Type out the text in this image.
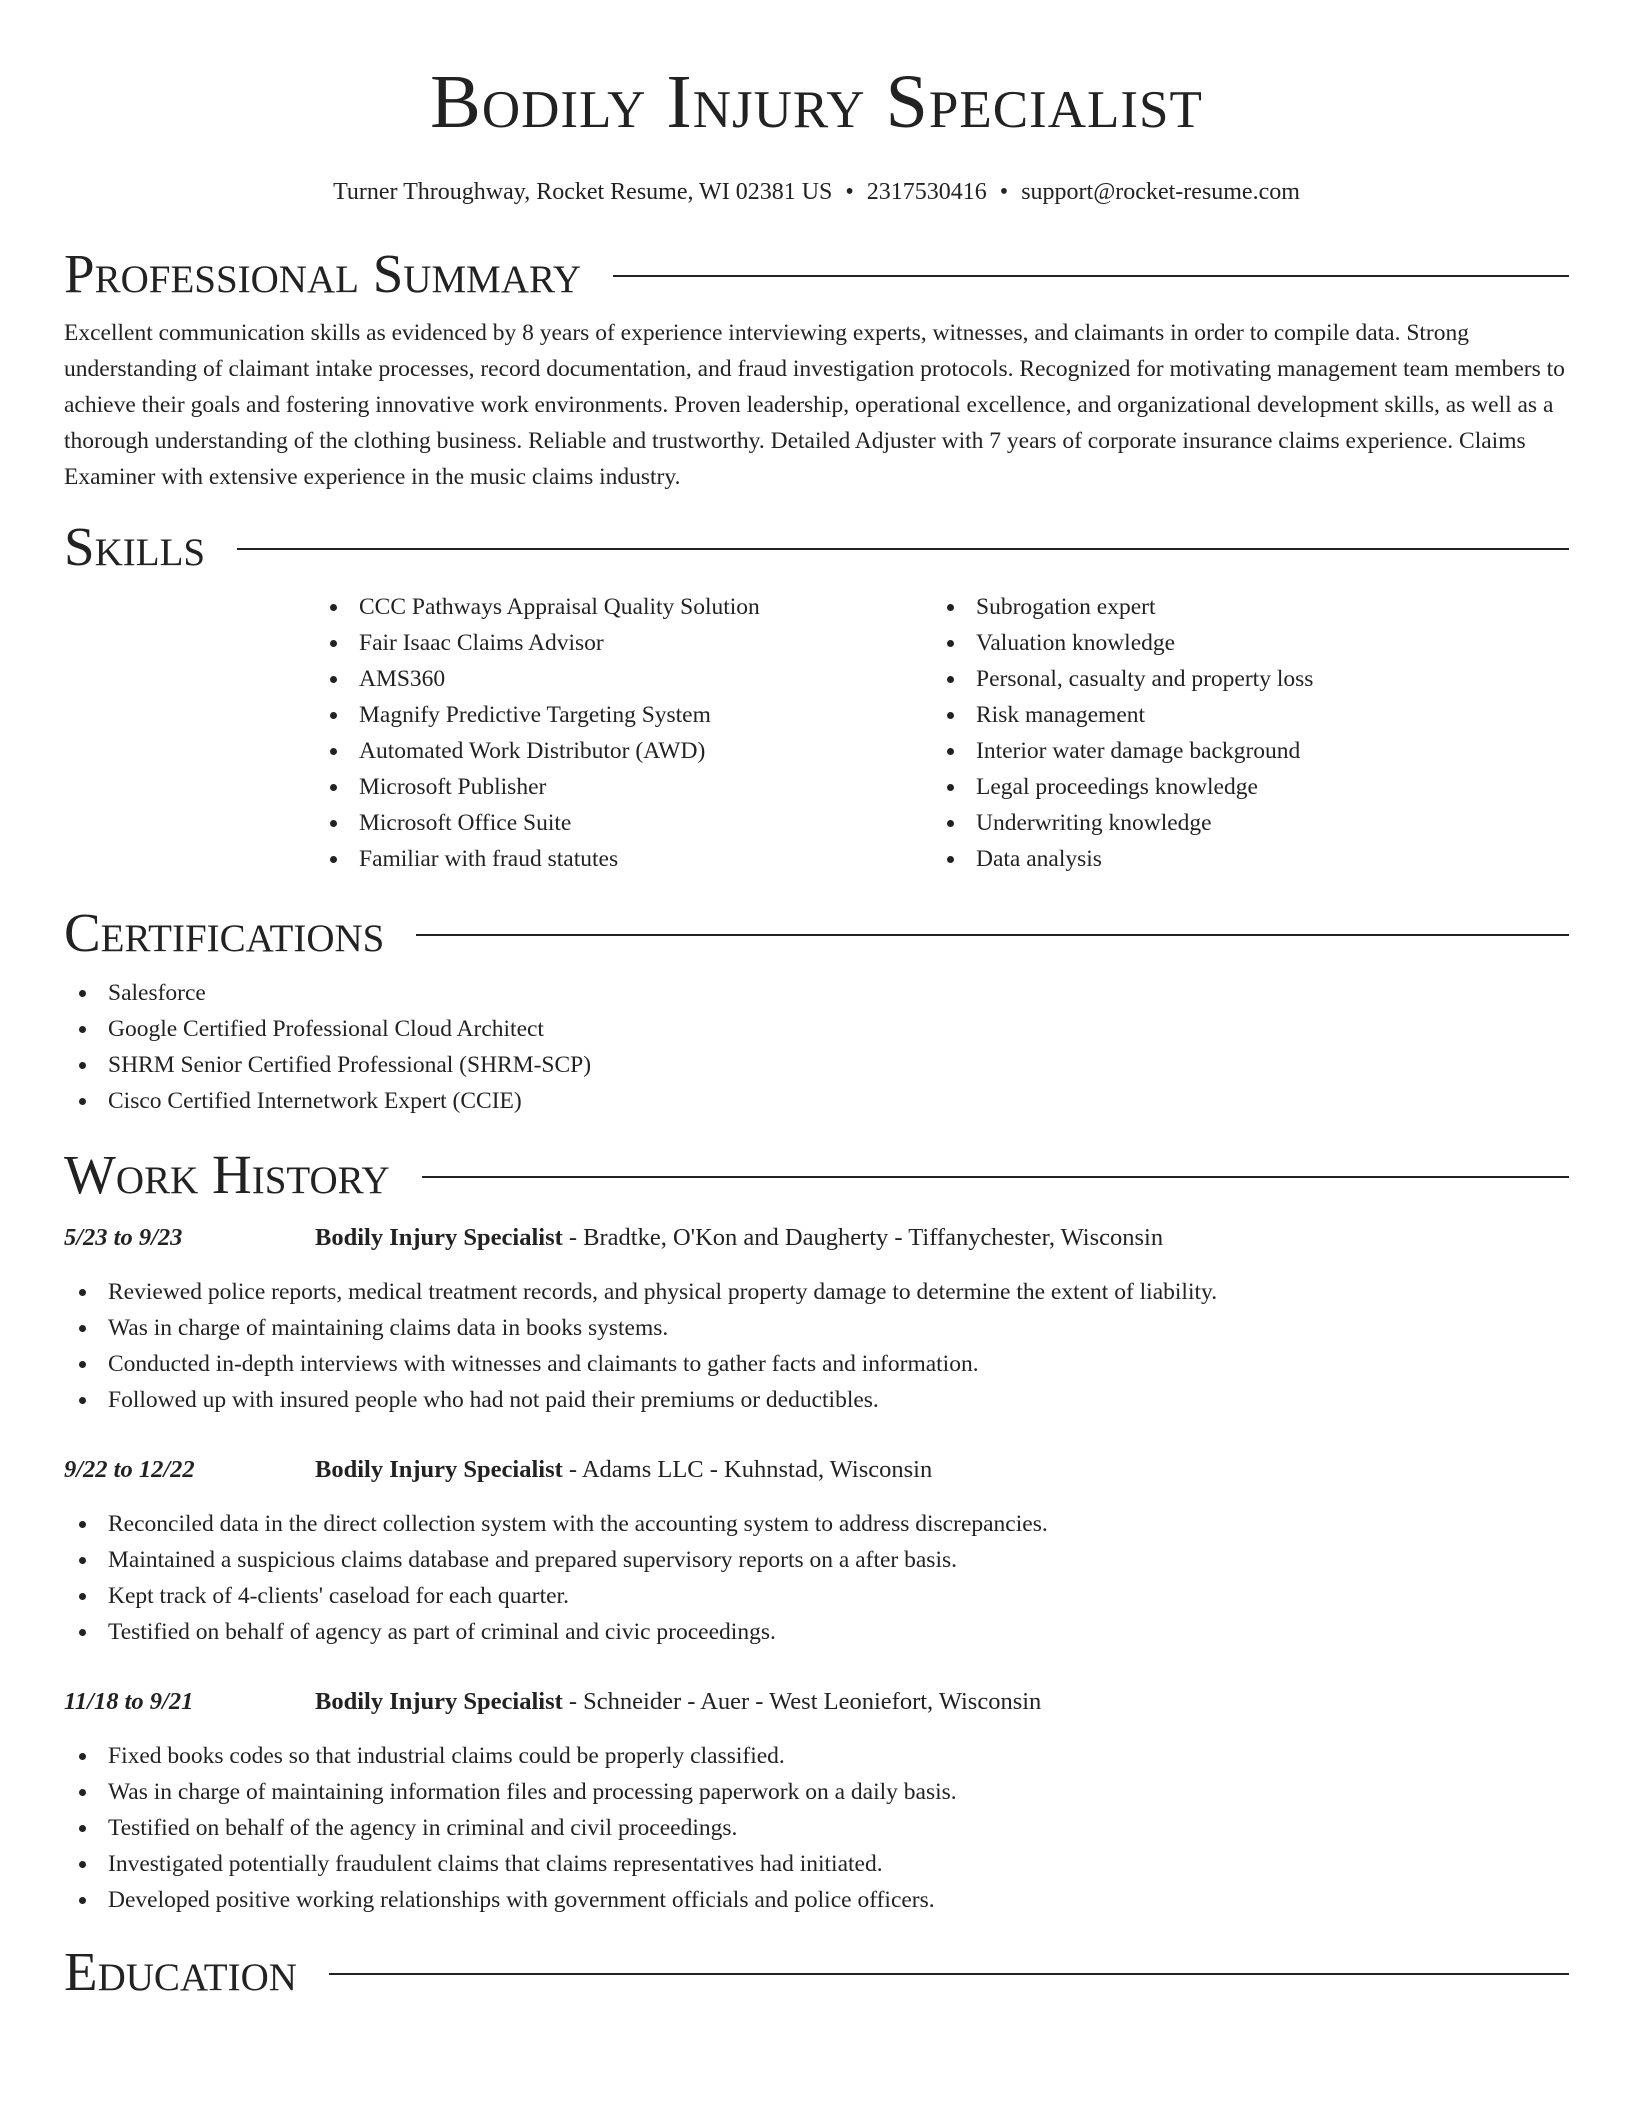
Bodily Injury Specialist
Turner Throughway, Rocket Resume, WI 02381 US • 2317530416 • support@rocket-resume.com
Professional Summary

Excellent communication skills as evidenced by 8 years of experience interviewing experts, witnesses, and claimants in order to compile data. Strong understanding of claimant intake processes, record documentation, and fraud investigation protocols. Recognized for motivating management team members to achieve their goals and fostering innovative work environments. Proven leadership, operational excellence, and organizational development skills, as well as a thorough understanding of the clothing business. Reliable and trustworthy. Detailed Adjuster with 7 years of corporate insurance claims experience. Claims Examiner with extensive experience in the music claims industry.

Skills
CCC Pathways Appraisal Quality Solution
Fair Isaac Claims Advisor
AMS360
Magnify Predictive Targeting System
Automated Work Distributor (AWD)
Microsoft Publisher
Microsoft Office Suite
Familiar with fraud statutes
Subrogation expert
Valuation knowledge
Personal, casualty and property loss
Risk management
Interior water damage background
Legal proceedings knowledge
Underwriting knowledge
Data analysis
Certifications
Salesforce
Google Certified Professional Cloud Architect
SHRM Senior Certified Professional (SHRM-SCP)
Cisco Certified Internetwork Expert (CCIE)
Work History
5/23 to 9/23	Bodily Injury Specialist - Bradtke, O'Kon and Daugherty - Tiffanychester, Wisconsin
Reviewed police reports, medical treatment records, and physical property damage to determine the extent of liability.
Was in charge of maintaining claims data in books systems.
Conducted in-depth interviews with witnesses and claimants to gather facts and information.
Followed up with insured people who had not paid their premiums or deductibles.
9/22 to 12/22	Bodily Injury Specialist - Adams LLC - Kuhnstad, Wisconsin
Reconciled data in the direct collection system with the accounting system to address discrepancies.
Maintained a suspicious claims database and prepared supervisory reports on a after basis.
Kept track of 4-clients' caseload for each quarter.
Testified on behalf of agency as part of criminal and civic proceedings.
11/18 to 9/21	Bodily Injury Specialist - Schneider - Auer - West Leoniefort, Wisconsin
Fixed books codes so that industrial claims could be properly classified.
Was in charge of maintaining information files and processing paperwork on a daily basis.
Testified on behalf of the agency in criminal and civil proceedings.
Investigated potentially fraudulent claims that claims representatives had initiated.
Developed positive working relationships with government officials and police officers.
Education
